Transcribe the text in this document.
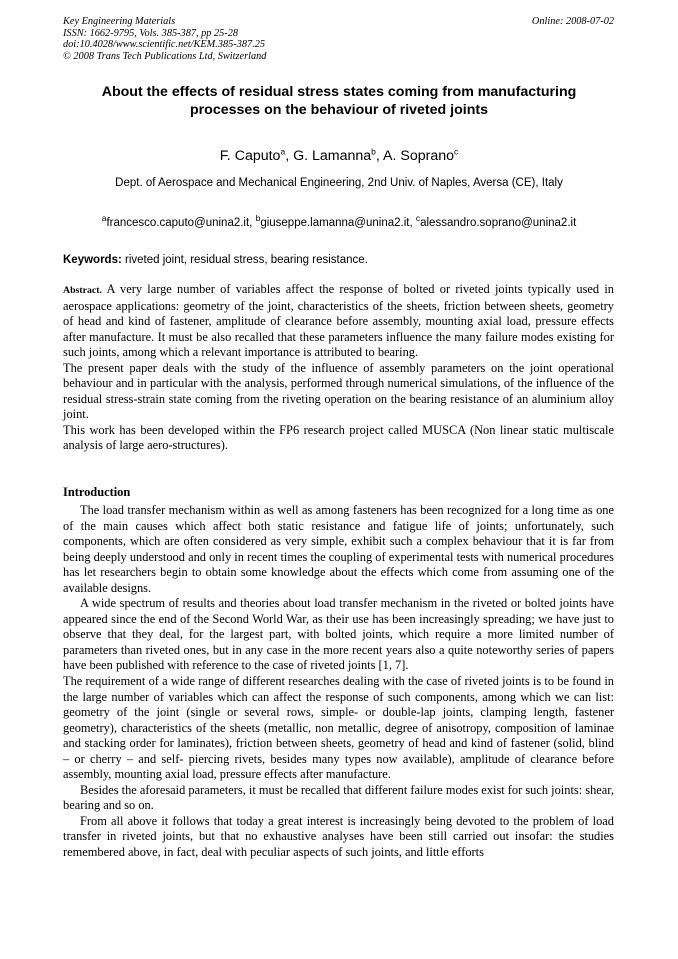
Key Engineering Materials
ISSN: 1662-9795, Vols. 385-387, pp 25-28
doi:10.4028/www.scientific.net/KEM.385-387.25
© 2008 Trans Tech Publications Ltd, Switzerland
Online: 2008-07-02
About the effects of residual stress states coming from manufacturing
processes on the behaviour of riveted joints
F. Caputo$^a$, G. Lamanna$^b$, A. Soprano$^c$
Dept. of Aerospace and Mechanical Engineering, 2nd Univ. of Naples, Aversa (CE), Italy
$^a$francesco.caputo@unina2.it, $^b$giuseppe.lamanna@unina2.it, $^c$alessandro.soprano@unina2.it
Keywords: riveted joint, residual stress, bearing resistance.

Abstract. A very large number of variables affect the response of bolted or riveted joints typically used in aerospace applications: geometry of the joint, characteristics of the sheets, friction between sheets, geometry of head and kind of fastener, amplitude of clearance before assembly, mounting axial load, pressure effects after manufacture. It must be also recalled that these parameters influence the many failure modes existing for such joints, among which a relevant importance is attributed to bearing.

The present paper deals with the study of the influence of assembly parameters on the joint operational behaviour and in particular with the analysis, performed through numerical simulations, of the influence of the residual stress-strain state coming from the riveting operation on the bearing resistance of an aluminium alloy joint.

This work has been developed within the FP6 research project called MUSCA (Non linear static multiscale analysis of large aero-structures).

Introduction

The load transfer mechanism within as well as among fasteners has been recognized for a long time as one of the main causes which affect both static resistance and fatigue life of joints; unfortunately, such components, which are often considered as very simple, exhibit such a complex behaviour that it is far from being deeply understood and only in recent times the coupling of experimental tests with numerical procedures has let researchers begin to obtain some knowledge about the effects which come from assuming one of the available designs.

A wide spectrum of results and theories about load transfer mechanism in the riveted or bolted joints have appeared since the end of the Second World War, as their use has been increasingly spreading; we have just to observe that they deal, for the largest part, with bolted joints, which require a more limited number of parameters than riveted ones, but in any case in the more recent years also a quite noteworthy series of papers have been published with reference to the case of riveted joints [1, 7].

The requirement of a wide range of different researches dealing with the case of riveted joints is to be found in the large number of variables which can affect the response of such components, among which we can list: geometry of the joint (single or several rows, simple- or double-lap joints, clamping length, fastener geometry), characteristics of the sheets (metallic, non metallic, degree of anisotropy, composition of laminae and stacking order for laminates), friction between sheets, geometry of head and kind of fastener (solid, blind – or cherry – and self- piercing rivets, besides many types now available), amplitude of clearance before assembly, mounting axial load, pressure effects after manufacture.

Besides the aforesaid parameters, it must be recalled that different failure modes exist for such joints: shear, bearing and so on.

From all above it follows that today a great interest is increasingly being devoted to the problem of load transfer in riveted joints, but that no exhaustive analyses have been still carried out insofar: the studies remembered above, in fact, deal with peculiar aspects of such joints, and little efforts
